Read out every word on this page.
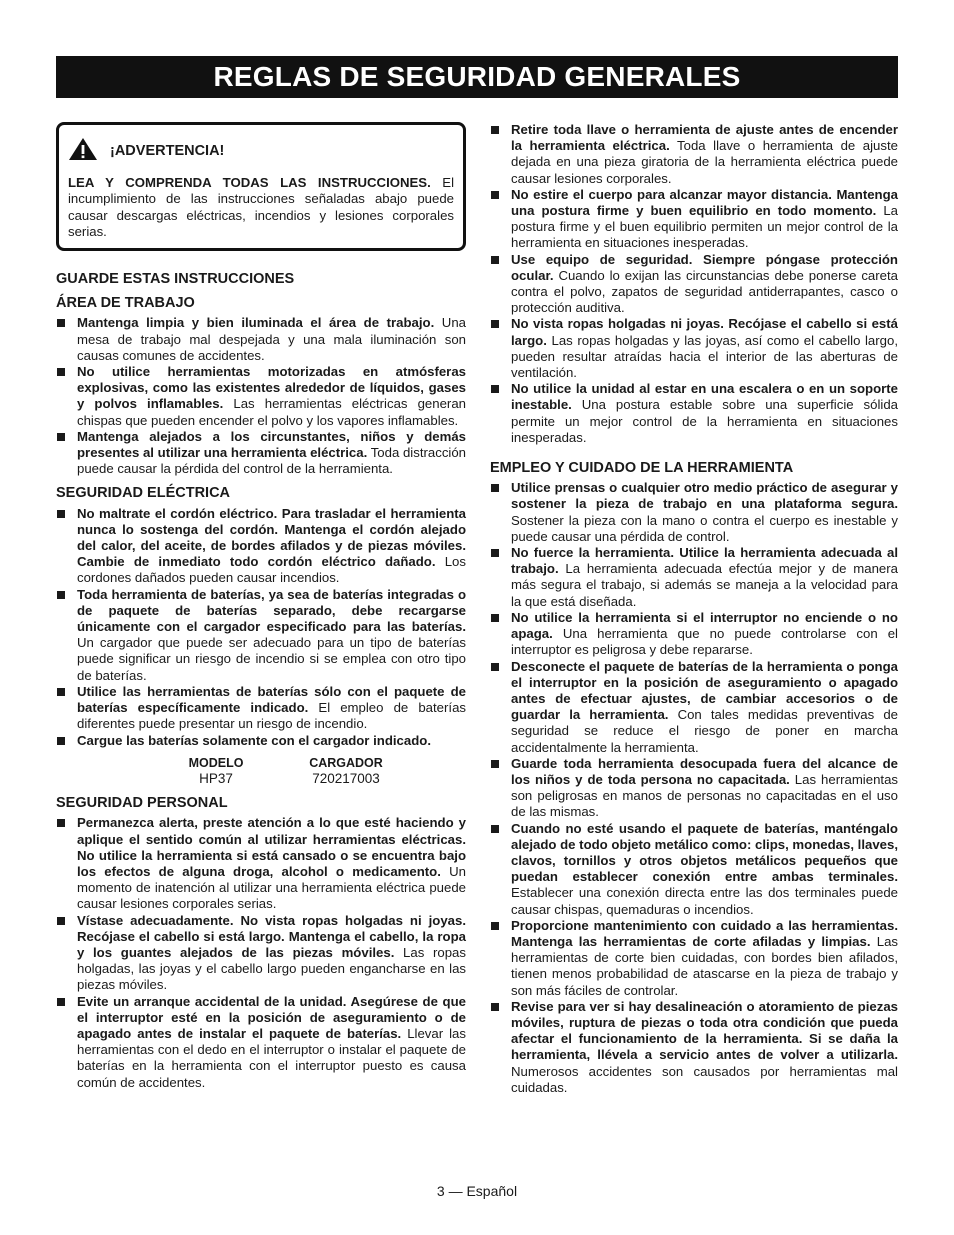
REGLAS DE SEGURIDAD GENERALES
¡ADVERTENCIA!
LEA Y COMPRENDA TODAS LAS INSTRUCCIONES. El incumplimiento de las instrucciones señaladas abajo puede causar descargas eléctricas, incendios y lesiones corporales serias.
GUARDE ESTAS INSTRUCCIONES
ÁREA DE TRABAJO
Mantenga limpia y bien iluminada el área de trabajo. Una mesa de trabajo mal despejada y una mala iluminación son causas comunes de accidentes.
No utilice herramientas motorizadas en atmósferas explosivas, como las existentes alrededor de líquidos, gases y polvos inflamables. Las herramientas eléctricas generan chispas que pueden encender el polvo y los vapores inflamables.
Mantenga alejados a los circunstantes, niños y demás presentes al utilizar una herramienta eléctrica. Toda distracción puede causar la pérdida del control de la herramienta.
SEGURIDAD ELÉCTRICA
No maltrate el cordón eléctrico. Para trasladar el herramienta nunca lo sostenga del cordón. Mantenga el cordón alejado del calor, del aceite, de bordes afilados y de piezas móviles. Cambie de inmediato todo cordón eléctrico dañado. Los cordones dañados pueden causar incendios.
Toda herramienta de baterías, ya sea de baterías integradas o de paquete de baterías separado, debe recargarse únicamente con el cargador especificado para las baterías. Un cargador que puede ser adecuado para un tipo de baterías puede significar un riesgo de incendio si se emplea con otro tipo de baterías.
Utilice las herramientas de baterías sólo con el paquete de baterías específicamente indicado. El empleo de baterías diferentes puede presentar un riesgo de incendio.
Cargue las baterías solamente con el cargador indicado.
MODELO	CARGADOR
HP37	720217003
SEGURIDAD PERSONAL
Permanezca alerta, preste atención a lo que esté haciendo y aplique el sentido común al utilizar herramientas eléctricas. No utilice la herramienta si está cansado o se encuentra bajo los efectos de alguna droga, alcohol o medicamento. Un momento de inatención al utilizar una herramienta eléctrica puede causar lesiones corporales serias.
Vístase adecuadamente. No vista ropas holgadas ni joyas. Recójase el cabello si está largo. Mantenga el cabello, la ropa y los guantes alejados de las piezas móviles. Las ropas holgadas, las joyas y el cabello largo pueden engancharse en las piezas móviles.
Evite un arranque accidental de la unidad. Asegúrese de que el interruptor esté en la posición de aseguramiento o de apagado antes de instalar el paquete de baterías. Llevar las herramientas con el dedo en el interruptor o instalar el paquete de baterías en la herramienta con el interruptor puesto es causa común de accidentes.
Retire toda llave o herramienta de ajuste antes de encender la herramienta eléctrica. Toda llave o herramienta de ajuste dejada en una pieza giratoria de la herramienta eléctrica puede causar lesiones corporales.
No estire el cuerpo para alcanzar mayor distancia. Mantenga una postura firme y buen equilibrio en todo momento. La postura firme y el buen equilibrio permiten un mejor control de la herramienta en situaciones inesperadas.
Use equipo de seguridad. Siempre póngase protección ocular. Cuando lo exijan las circunstancias debe ponerse careta contra el polvo, zapatos de seguridad antiderrapantes, casco o protección auditiva.
No vista ropas holgadas ni joyas. Recójase el cabello si está largo. Las ropas holgadas y las joyas, así como el cabello largo, pueden resultar atraídas hacia el interior de las aberturas de ventilación.
No utilice la unidad al estar en una escalera o en un soporte inestable. Una postura estable sobre una superficie sólida permite un mejor control de la herramienta en situaciones inesperadas.
EMPLEO Y CUIDADO DE LA HERRAMIENTA
Utilice prensas o cualquier otro medio práctico de asegurar y sostener la pieza de trabajo en una plataforma segura. Sostener la pieza con la mano o contra el cuerpo es inestable y puede causar una pérdida de control.
No fuerce la herramienta. Utilice la herramienta adecuada al trabajo. La herramienta adecuada efectúa mejor y de manera más segura el trabajo, si además se maneja a la velocidad para la que está diseñada.
No utilice la herramienta si el interruptor no enciende o no apaga. Una herramienta que no puede controlarse con el interruptor es peligrosa y debe repararse.
Desconecte el paquete de baterías de la herramienta o ponga el interruptor en la posición de aseguramiento o apagado antes de efectuar ajustes, de cambiar accesorios o de guardar la herramienta. Con tales medidas preventivas de seguridad se reduce el riesgo de poner en marcha accidentalmente la herramienta.
Guarde toda herramienta desocupada fuera del alcance de los niños y de toda persona no capacitada. Las herramientas son peligrosas en manos de personas no capacitadas en el uso de las mismas.
Cuando no esté usando el paquete de baterías, manténgalo alejado de todo objeto metálico como: clips, monedas, llaves, clavos, tornillos y otros objetos metálicos pequeños que puedan establecer conexión entre ambas terminales. Establecer una conexión directa entre las dos terminales puede causar chispas, quemaduras o incendios.
Proporcione mantenimiento con cuidado a las herramientas. Mantenga las herramientas de corte afiladas y limpias. Las herramientas de corte bien cuidadas, con bordes bien afilados, tienen menos probabilidad de atascarse en la pieza de trabajo y son más fáciles de controlar.
Revise para ver si hay desalineación o atoramiento de piezas móviles, ruptura de piezas o toda otra condición que pueda afectar el funcionamiento de la herramienta. Si se daña la herramienta, llévela a servicio antes de volver a utilizarla. Numerosos accidentes son causados por herramientas mal cuidadas.
3 — Español
